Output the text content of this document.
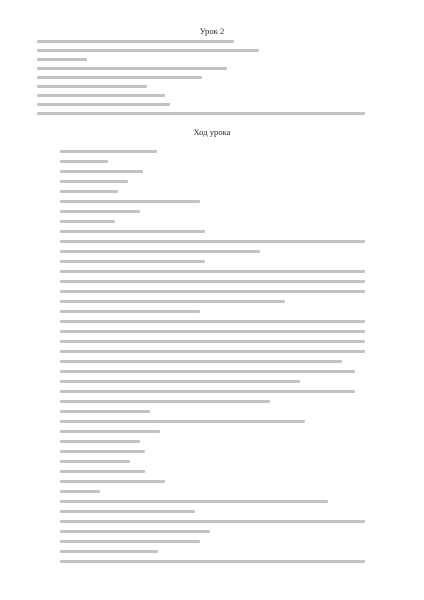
Урок 2
Ход урока
